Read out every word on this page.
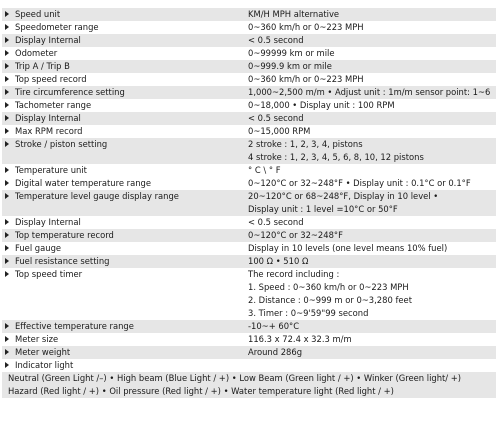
Speed unit	KM/H MPH alternative

Speedometer range	0~360 km/h or 0~223 MPH

Display Internal	< 0.5 second

Odometer	0~99999 km or mile

Trip A / Trip B	0~999.9 km or mile

Top speed record	0~360 km/h or 0~223 MPH

Tire circumference setting	1,000~2,500 m/m • Adjust unit : 1m/m sensor point: 1~6

Tachometer range	0~18,000 • Display unit : 100 RPM

Display Internal	< 0.5 second

Max RPM record	0~15,000 RPM

Stroke / piston setting	2 stroke : 1, 2, 3, 4, pistons
4 stroke : 1, 2, 3, 4, 5, 6, 8, 10, 12 pistons

Temperature unit	° C \ ° F

Digital water temperature range	0~120°C or 32~248°F • Display unit : 0.1°C or 0.1°F

Temperature level gauge display range	20~120°C or 68~248°F, Display in 10 level •
Display unit : 1 level =10°C or 50°F

Display Internal	< 0.5 second

Top temperature record	0~120°C or 32~248°F

Fuel gauge	Display in 10 levels (one level means 10% fuel)

Fuel resistance setting	100 Ω • 510 Ω

Top speed timer	The record including :
1. Speed : 0~360 km/h or 0~223 MPH
2. Distance : 0~999 m or 0~3,280 feet
3. Timer : 0~9'59"99 second

Effective temperature range	-10~+ 60°C

Meter size	116.3 x 72.4 x 32.3 m/m

Meter weight	Around 286g

Indicator light	

Neutral (Green Light /–) • High beam (Blue Light / +) • Low Beam (Green light / +) • Winker (Green light/ +)
Hazard (Red light / +) • Oil pressure (Red light / +) • Water temperature light (Red light / +)	
